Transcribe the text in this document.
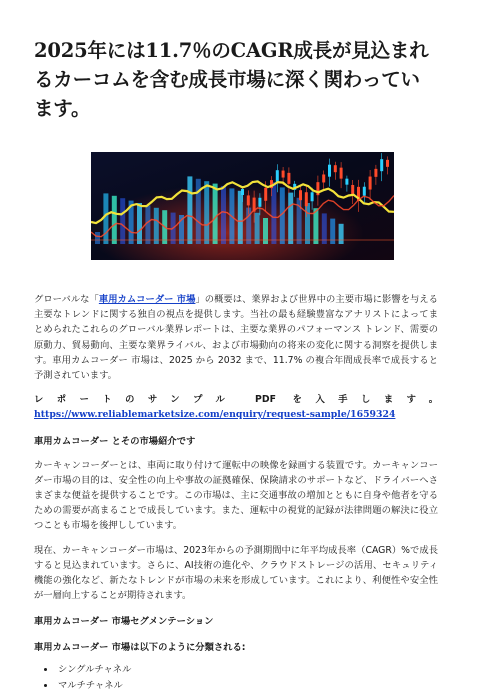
2025年には11.7％のCAGR成長が見込まれるカーコムを含む成長市場に深く関わっています。

グローバルな「車用カムコーダー 市場」の概要は、業界および世界中の主要市場に影響を与える主要なトレンドに関する独自の視点を提供します。当社の最も経験豊富なアナリストによってまとめられたこれらのグローバル業界レポートは、主要な業界のパフォーマンス トレンド、需要の原動力、貿易動向、主要な業界ライバル、および市場動向の将来の変化に関する洞察を提供します。車用カムコーダー 市場は、2025 から 2032 まで、11.7% の複合年間成長率で成長すると予測されています。

レポートのサンプル PDF を入手します。 https://www.reliablemarketsize.com/enquiry/request-sample/1659324

車用カムコーダー とその市場紹介です

カーキャンコーダーとは、車両に取り付けて運転中の映像を録画する装置です。カーキャンコーダー市場の目的は、安全性の向上や事故の証拠確保、保険請求のサポートなど、ドライバーへさまざまな便益を提供することです。この市場は、主に交通事故の増加とともに自身や他者を守るための需要が高まることで成長しています。また、運転中の視覚的記録が法律問題の解決に役立つことも市場を後押ししています。

現在、カーキャンコーダー市場は、2023年からの予測期間中に年平均成長率（CAGR）%で成長すると見込まれています。さらに、AI技術の進化や、クラウドストレージの活用、セキュリティ機能の強化など、新たなトレンドが市場の未来を形成しています。これにより、利便性や安全性が一層向上することが期待されます。

車用カムコーダー 市場セグメンテーション
車用カムコーダー 市場は以下のように分類される:
• シングルチャネル
• マルチチャネル
